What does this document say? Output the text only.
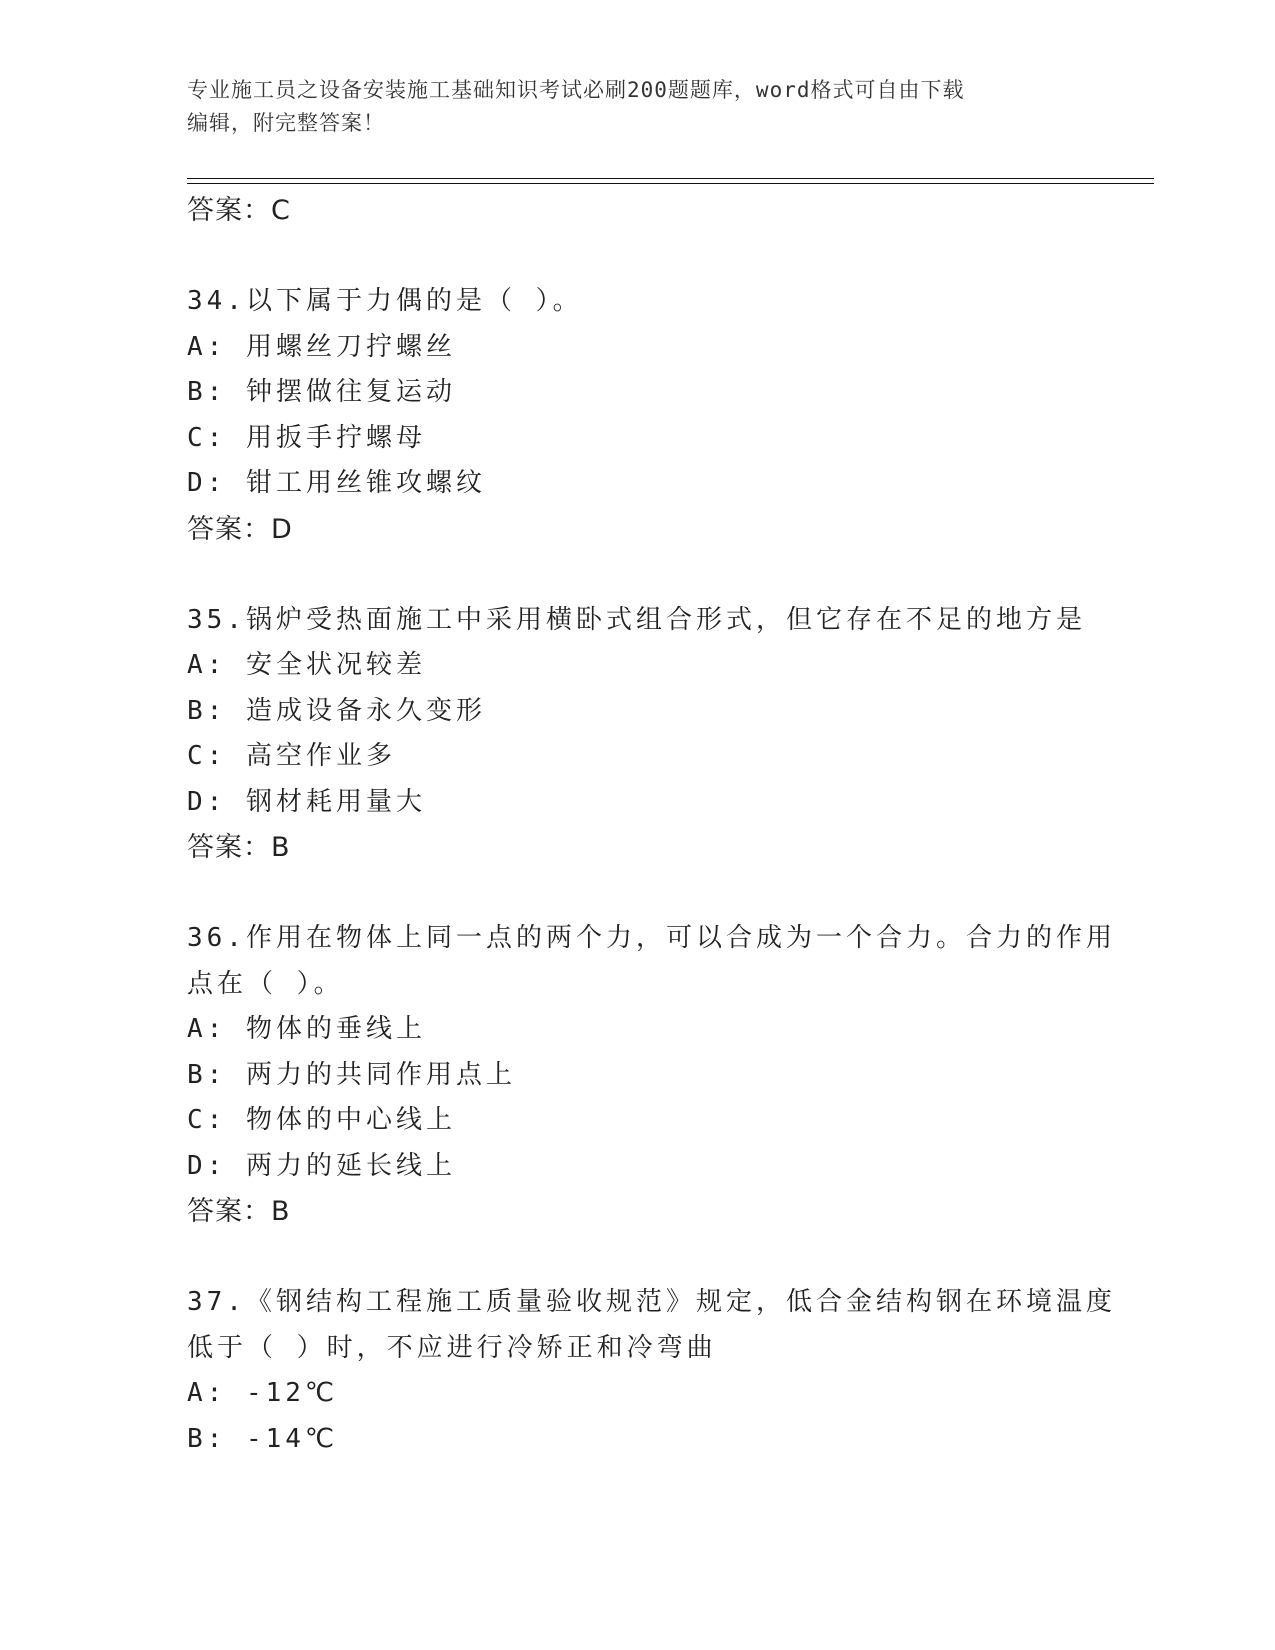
专业施工员之设备安装施工基础知识考试必刷200题题库，word格式可自由下载
编辑，附完整答案！
答案：C
34.以下属于力偶的是（ ）。
A: 用螺丝刀拧螺丝
B: 钟摆做往复运动
C: 用扳手拧螺母
D: 钳工用丝锥攻螺纹
答案：D
35.锅炉受热面施工中采用横卧式组合形式，但它存在不足的地方是
A: 安全状况较差
B: 造成设备永久变形
C: 高空作业多
D: 钢材耗用量大
答案：B
36.作用在物体上同一点的两个力，可以合成为一个合力。合力的作用
点在（ ）。
A: 物体的垂线上
B: 两力的共同作用点上
C: 物体的中心线上
D: 两力的延长线上
答案：B
37.《钢结构工程施工质量验收规范》规定，低合金结构钢在环境温度
低于（ ）时，不应进行冷矫正和冷弯曲
A: -12℃
B: -14℃
